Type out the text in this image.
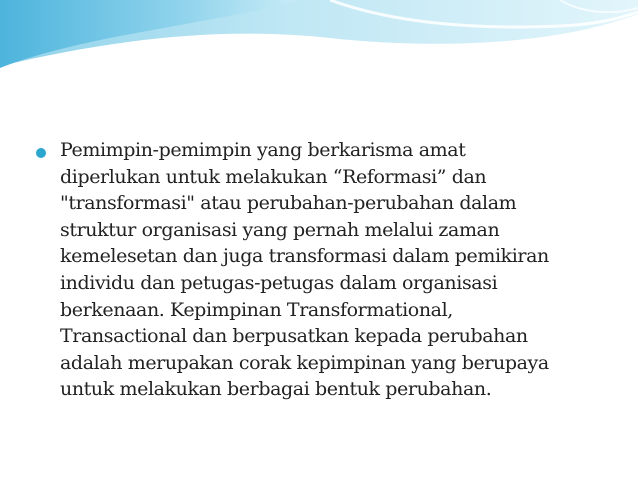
Pemimpin-pemimpin yang berkarisma amat
diperlukan untuk melakukan “Reformasi” dan
"transformasi" atau perubahan-perubahan dalam
struktur organisasi yang pernah melalui zaman
kemelesetan dan juga transformasi dalam pemikiran
individu dan petugas-petugas dalam organisasi
berkenaan. Kepimpinan Transformational,
Transactional dan berpusatkan kepada perubahan
adalah merupakan corak kepimpinan yang berupaya
untuk melakukan berbagai bentuk perubahan.
